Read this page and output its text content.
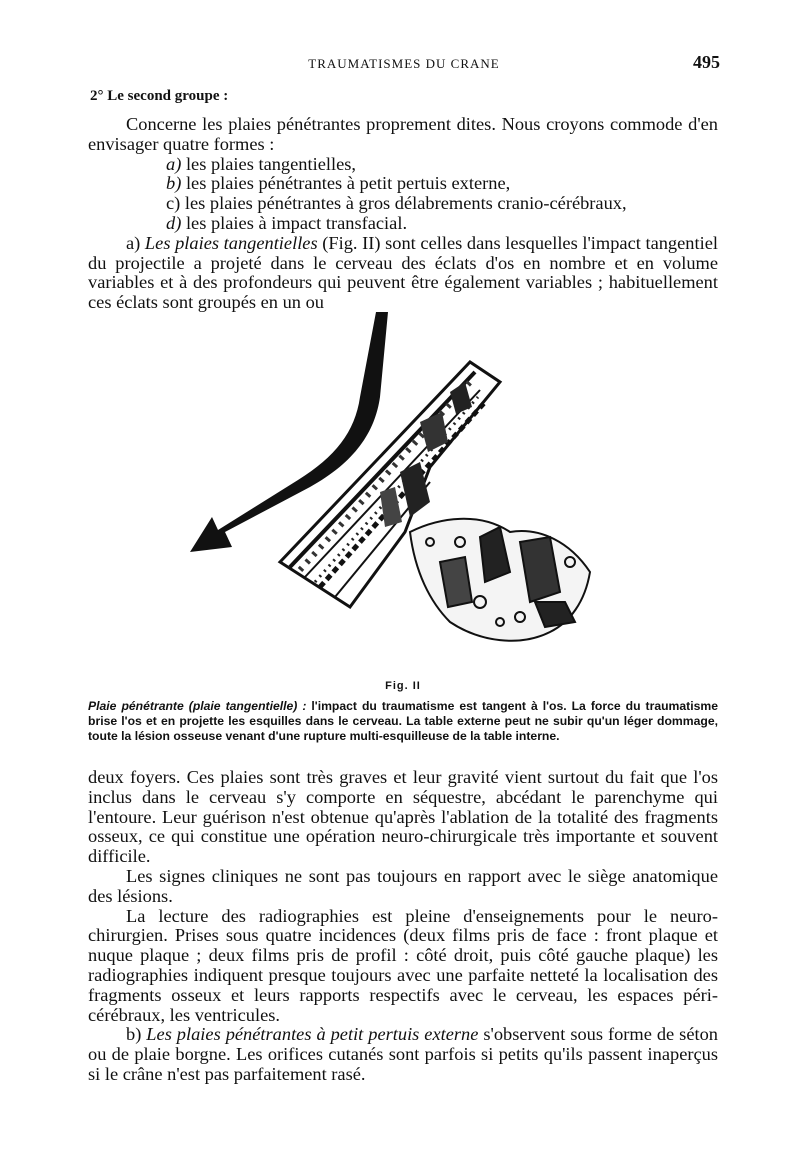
TRAUMATISMES DU CRANE	495
2° Le second groupe :

Concerne les plaies pénétrantes proprement dites. Nous croyons commode d'en envisager quatre formes :

a) les plaies tangentielles,
b) les plaies pénétrantes à petit pertuis externe,
c) les plaies pénétrantes à gros délabrements cranio-cérébraux,
d) les plaies à impact transfacial.

a) Les plaies tangentielles (Fig. II) sont celles dans lesquelles l'impact tangentiel du projectile a projeté dans le cerveau des éclats d'os en nombre et en volume variables et à des profondeurs qui peuvent être également variables ; habituellement ces éclats sont groupés en un ou

Fig. II
Plaie pénétrante (plaie tangentielle) : l'impact du traumatisme est tangent à l'os. La force du traumatisme brise l'os et en projette les esquilles dans le cerveau. La table externe peut ne subir qu'un léger dommage, toute la lésion osseuse venant d'une rupture multi-esquilleuse de la table interne.

deux foyers. Ces plaies sont très graves et leur gravité vient surtout du fait que l'os inclus dans le cerveau s'y comporte en séquestre, abcédant le parenchyme qui l'entoure. Leur guérison n'est obtenue qu'après l'ablation de la totalité des fragments osseux, ce qui constitue une opération neuro-chirurgicale très importante et souvent difficile.

Les signes cliniques ne sont pas toujours en rapport avec le siège anatomique des lésions.

La lecture des radiographies est pleine d'enseignements pour le neuro-chirurgien. Prises sous quatre incidences (deux films pris de face : front plaque et nuque plaque ; deux films pris de profil : côté droit, puis côté gauche plaque) les radiographies indiquent presque toujours avec une parfaite netteté la localisation des fragments osseux et leurs rapports respectifs avec le cerveau, les espaces péri-cérébraux, les ventricules.

b) Les plaies pénétrantes à petit pertuis externe s'observent sous forme de séton ou de plaie borgne. Les orifices cutanés sont parfois si petits qu'ils passent inaperçus si le crâne n'est pas parfaitement rasé.
